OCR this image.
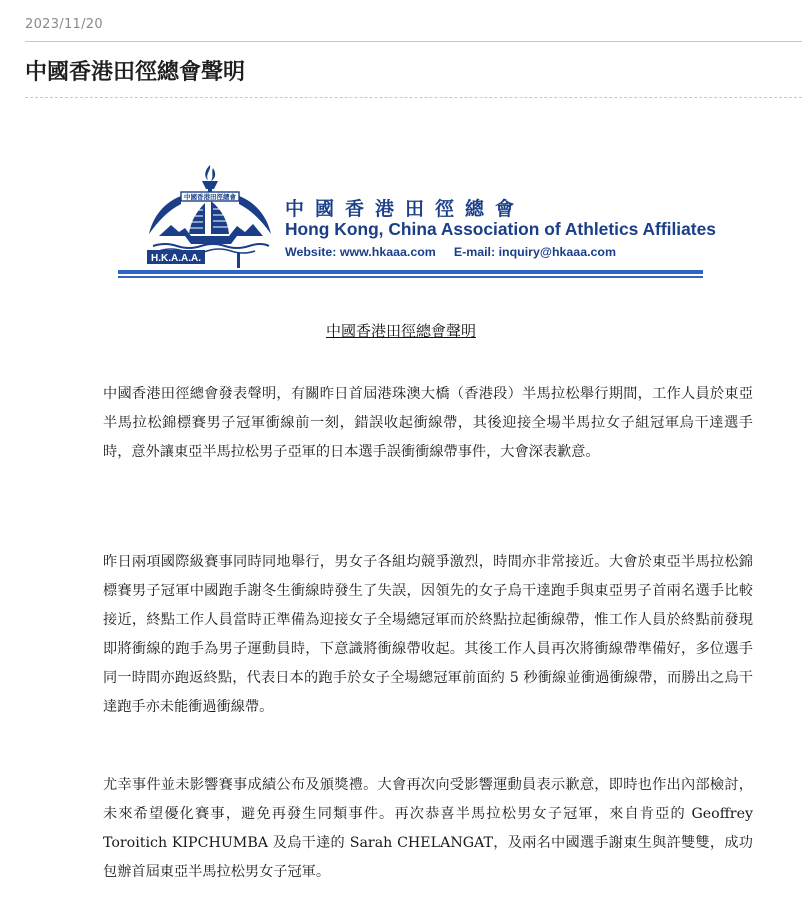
2023/11/20
中國香港田徑總會聲明
中國香港田徑總會
H.K.A.A.A.
中國香港田徑總會
Hong Kong, China Association of Athletics Affiliates
Website: www.hkaaa.com E-mail: inquiry@hkaaa.com
中國香港田徑總會聲明

中國香港田徑總會發表聲明，有關昨日首屆港珠澳大橋（香港段）半馬拉松舉行期間，工作人員於東亞半馬拉松錦標賽男子冠軍衝線前一刻，錯誤收起衝線帶，其後迎接全場半馬拉女子組冠軍烏干達選手時，意外讓東亞半馬拉松男子亞軍的日本選手誤衝衝線帶事件，大會深表歉意。

昨日兩項國際級賽事同時同地舉行，男女子各組均競爭激烈，時間亦非常接近。大會於東亞半馬拉松錦標賽男子冠軍中國跑手謝冬生衝線時發生了失誤，因領先的女子烏干達跑手與東亞男子首兩名選手比較接近，終點工作人員當時正準備為迎接女子全場總冠軍而於終點拉起衝線帶，惟工作人員於終點前發現即將衝線的跑手為男子運動員時，下意識將衝線帶收起。其後工作人員再次將衝線帶準備好，多位選手同一時間亦跑返終點，代表日本的跑手於女子全場總冠軍前面約 5 秒衝線並衝過衝線帶，而勝出之烏干達跑手亦未能衝過衝線帶。

尤幸事件並未影響賽事成績公布及頒獎禮。大會再次向受影響運動員表示歉意，即時也作出內部檢討，未來希望優化賽事，避免再發生同類事件。再次恭喜半馬拉松男女子冠軍，來自肯亞的 Geoffrey Toroitich KIPCHUMBA 及烏干達的 Sarah CHELANGAT，及兩名中國選手謝東生與許雙雙，成功包辦首屆東亞半馬拉松男女子冠軍。
